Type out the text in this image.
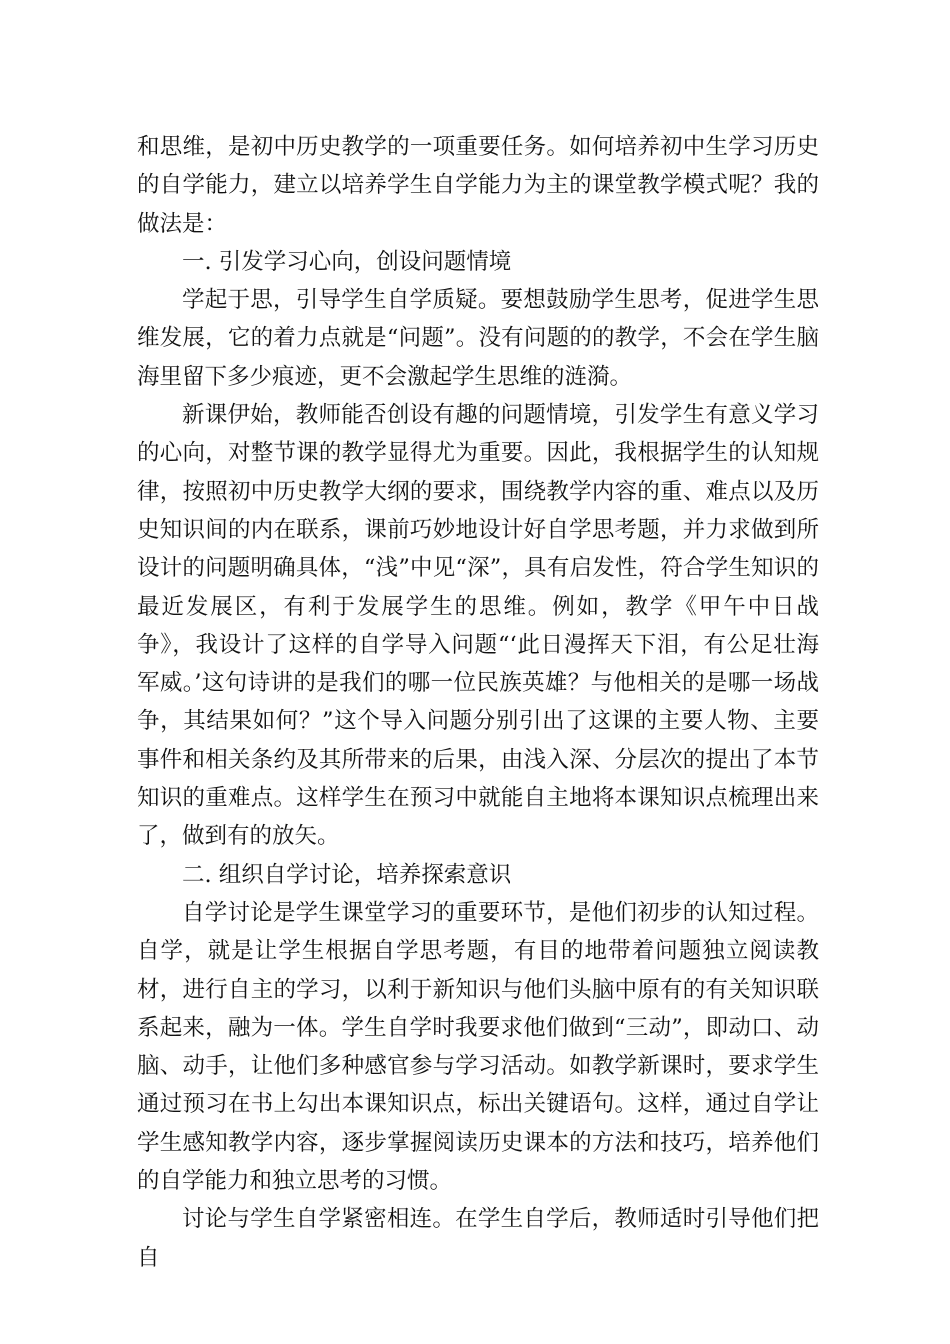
和思维，是初中历史教学的一项重要任务。如何培养初中生学习历史的自学能力，建立以培养学生自学能力为主的课堂教学模式呢？我的做法是：

一. 引发学习心向，创设问题情境

学起于思，引导学生自学质疑。要想鼓励学生思考，促进学生思维发展，它的着力点就是“问题”。没有问题的的教学，不会在学生脑海里留下多少痕迹，更不会激起学生思维的涟漪。

新课伊始，教师能否创设有趣的问题情境，引发学生有意义学习的心向，对整节课的教学显得尤为重要。因此，我根据学生的认知规律，按照初中历史教学大纲的要求，围绕教学内容的重、难点以及历史知识间的内在联系，课前巧妙地设计好自学思考题，并力求做到所设计的问题明确具体，“浅”中见“深”，具有启发性，符合学生知识的最近发展区，有利于发展学生的思维。例如，教学《甲午中日战争》，我设计了这样的自学导入问题“‘此日漫挥天下泪，有公足壮海军威。’这句诗讲的是我们的哪一位民族英雄？与他相关的是哪一场战争，其结果如何？”这个导入问题分别引出了这课的主要人物、主要事件和相关条约及其所带来的后果，由浅入深、分层次的提出了本节知识的重难点。这样学生在预习中就能自主地将本课知识点梳理出来了，做到有的放矢。

二. 组织自学讨论，培养探索意识

自学讨论是学生课堂学习的重要环节，是他们初步的认知过程。自学，就是让学生根据自学思考题，有目的地带着问题独立阅读教材，进行自主的学习，以利于新知识与他们头脑中原有的有关知识联系起来，融为一体。学生自学时我要求他们做到“三动”，即动口、动脑、动手，让他们多种感官参与学习活动。如教学新课时，要求学生通过预习在书上勾出本课知识点，标出关键语句。这样，通过自学让学生感知教学内容，逐步掌握阅读历史课本的方法和技巧，培养他们的自学能力和独立思考的习惯。

讨论与学生自学紧密相连。在学生自学后，教师适时引导他们把自
